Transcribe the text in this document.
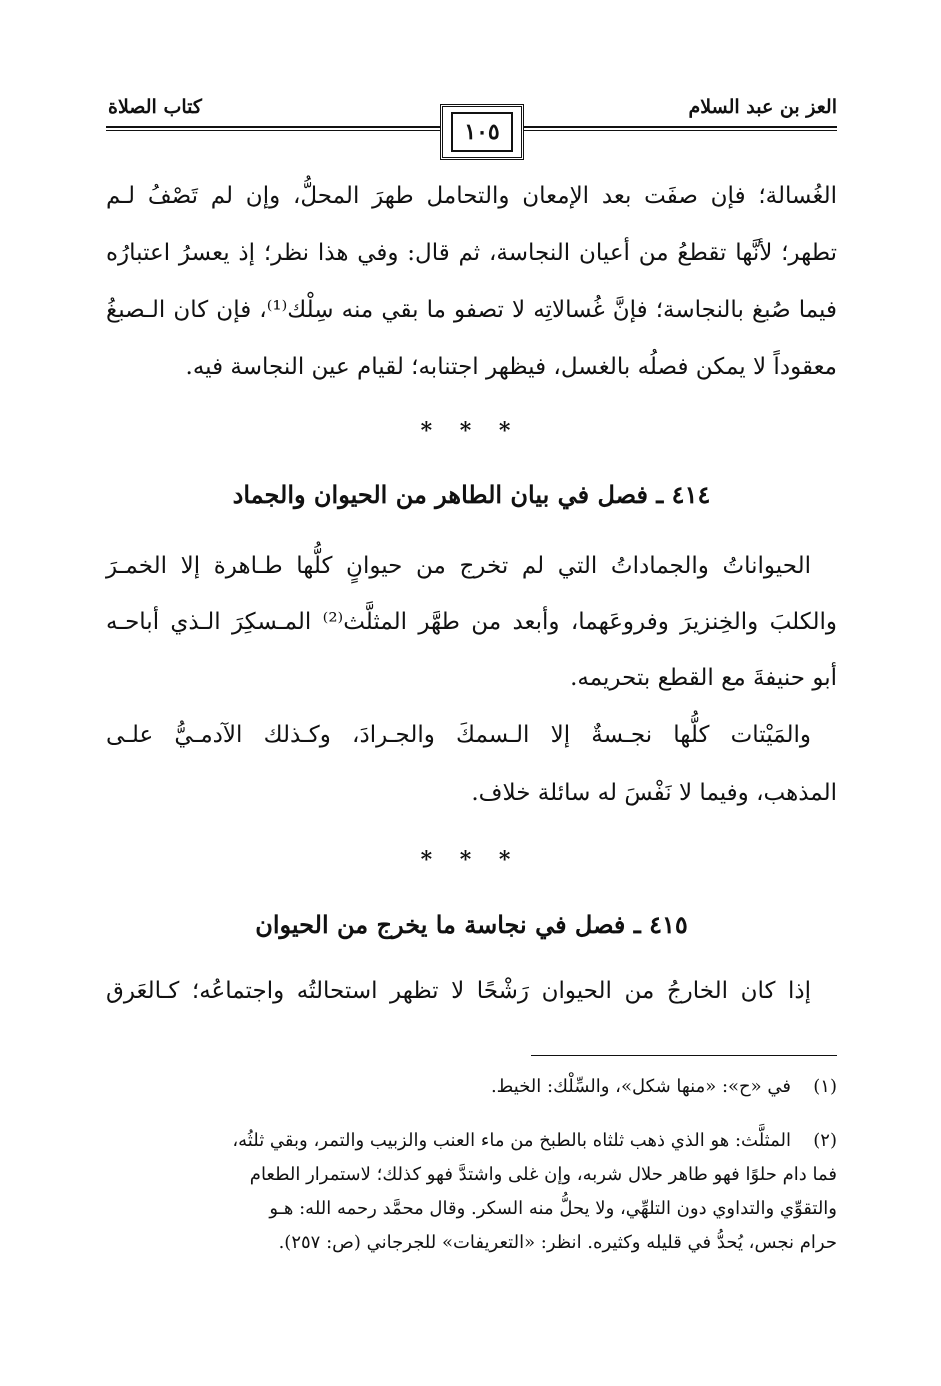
العز بن عبد السلام
كتاب الصلاة
١٠٥
الغُسالة؛ فإن صفَت بعد الإمعان والتحامل طهرَ المحلُّ، وإن لم تَصْفُ لـم
تطهر؛ لأنَّها تقطعُ من أعيان النجاسة، ثم قال: وفي هذا نظر؛ إذ يعسرُ اعتبارُه
فيما صُبغ بالنجاسة؛ فإنَّ غُسالاتِه لا تصفو ما بقي منه سِلْك⁽¹⁾، فإن كان الـصبغُ
معقوداً لا يمكن فصلُه بالغسل، فيظهر اجتنابه؛ لقيام عين النجاسة فيه.
* * *
٤١٤ ـ فصل في بيان الطاهر من الحيوان والجماد
الحيواناتُ والجماداتُ التي لم تخرج من حيوانٍ كلُّها طـاهرة إلا الخمـرَ
والكلبَ والخِنزيرَ وفروعَهما، وأبعد من طهَّر المثلَّث⁽²⁾ المـسكِرَ الـذي أباحـه
أبو حنيفةَ مع القطع بتحريمه.
والمَيْتات كلُّها نجـسةٌ إلا الـسمكَ والجـرادَ، وكـذلك الآدمـيُّ علـى
المذهب، وفيما لا نَفْسَ له سائلة خلاف.
* * *
٤١٥ ـ فصل في نجاسة ما يخرج من الحيوان
إذا كان الخارجُ من الحيوان رَشْحًا لا تظهر استحالتُه واجتماعُه؛ كـالعَرق
(١)في «ح»: «منها شكل»، والسِّلْك: الخيط.
(٢)المثلَّث: هو الذي ذهب ثلثاه بالطبخ من ماء العنب والزبيب والتمر، وبقي ثلثُه،
فما دام حلوًا فهو طاهر حلال شربه، وإن غلى واشتدَّ فهو كذلك؛ لاستمرار الطعام
والتقوِّي والتداوي دون التلهِّي، ولا يحلُّ منه السكر. وقال محمَّد رحمه الله: هـو
حرام نجس، يُحدُّ في قليله وكثيره. انظر: «التعريفات» للجرجاني (ص: ٢٥٧).
